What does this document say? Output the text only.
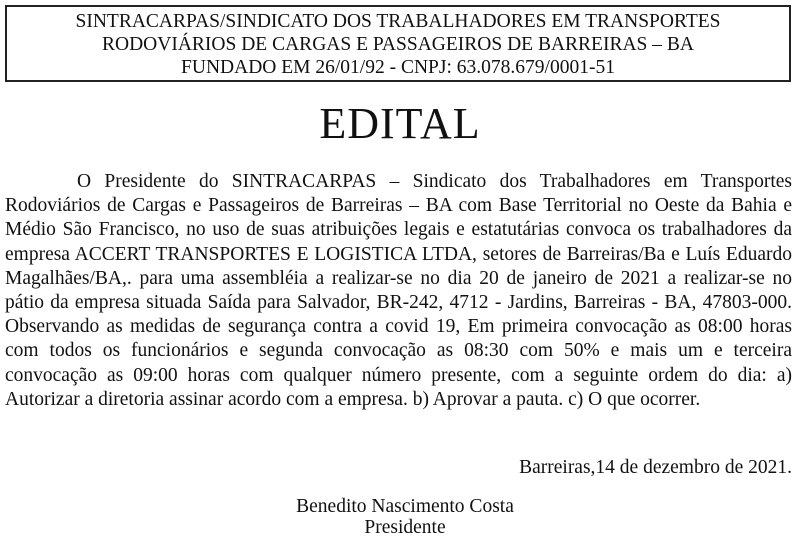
SINTRACARPAS/SINDICATO DOS TRABALHADORES EM TRANSPORTES
RODOVIÁRIOS DE CARGAS E PASSAGEIROS DE BARREIRAS – BA
FUNDADO EM 26/01/92 - CNPJ: 63.078.679/0001-51
EDITAL

O Presidente do SINTRACARPAS – Sindicato dos Trabalhadores em Transportes Rodoviários de Cargas e Passageiros de Barreiras – BA com Base Territorial no Oeste da Bahia e Médio São Francisco, no uso de suas atribuições legais e estatutárias convoca os trabalhadores da empresa ACCERT TRANSPORTES E LOGISTICA LTDA, setores de Barreiras/Ba e Luís Eduardo Magalhães/BA,. para uma assembléia a realizar-se no dia 20 de janeiro de 2021 a realizar-se no pátio da empresa situada Saída para Salvador, BR-242, 4712 - Jardins, Barreiras - BA, 47803-000. Observando as medidas de segurança contra a covid 19, Em primeira convocação as 08:00 horas com todos os funcionários e segunda convocação as 08:30 com 50% e mais um e terceira convocação as 09:00 horas com qualquer número presente, com a seguinte ordem do dia: a) Autorizar a diretoria assinar acordo com a empresa. b) Aprovar a pauta. c) O que ocorrer.

Barreiras,14 de dezembro de 2021.
Benedito Nascimento Costa
Presidente
